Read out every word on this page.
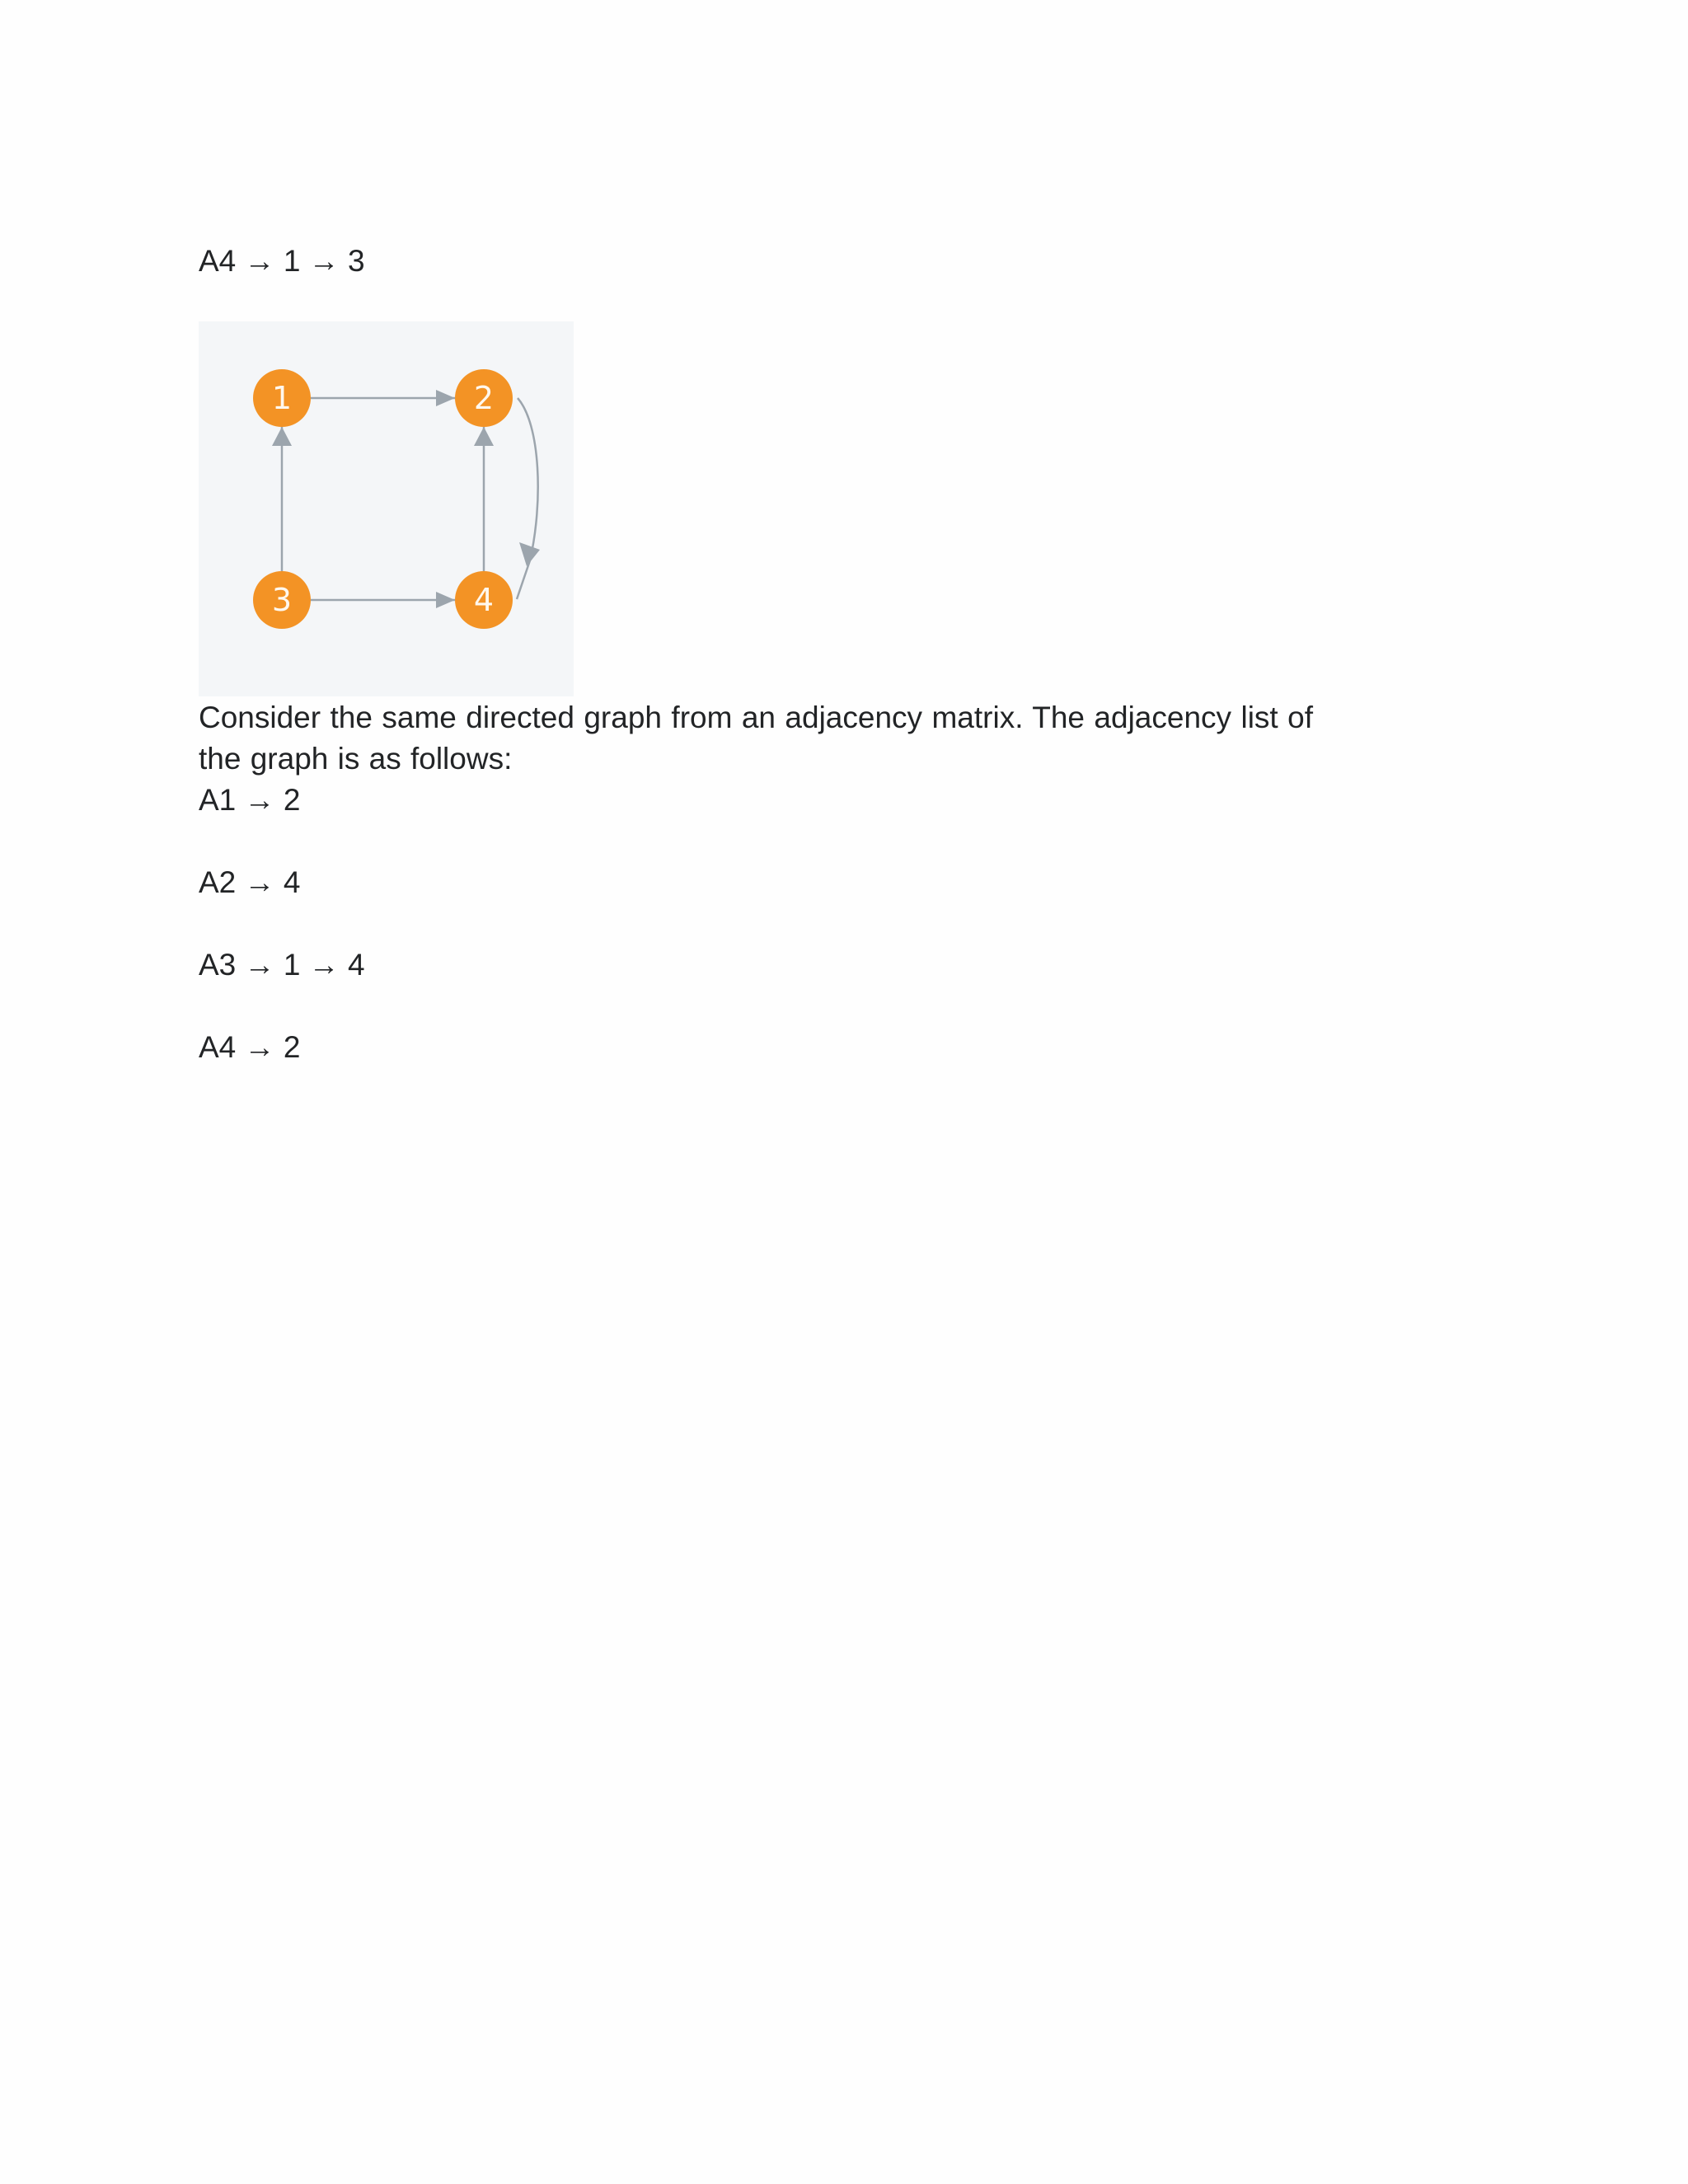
A4 → 1 → 3

1	2
3	4

Consider the same directed graph from an adjacency matrix. The adjacency list of the graph is as follows:

A1 → 2
A2 → 4
A3 → 1 → 4
A4 → 2
